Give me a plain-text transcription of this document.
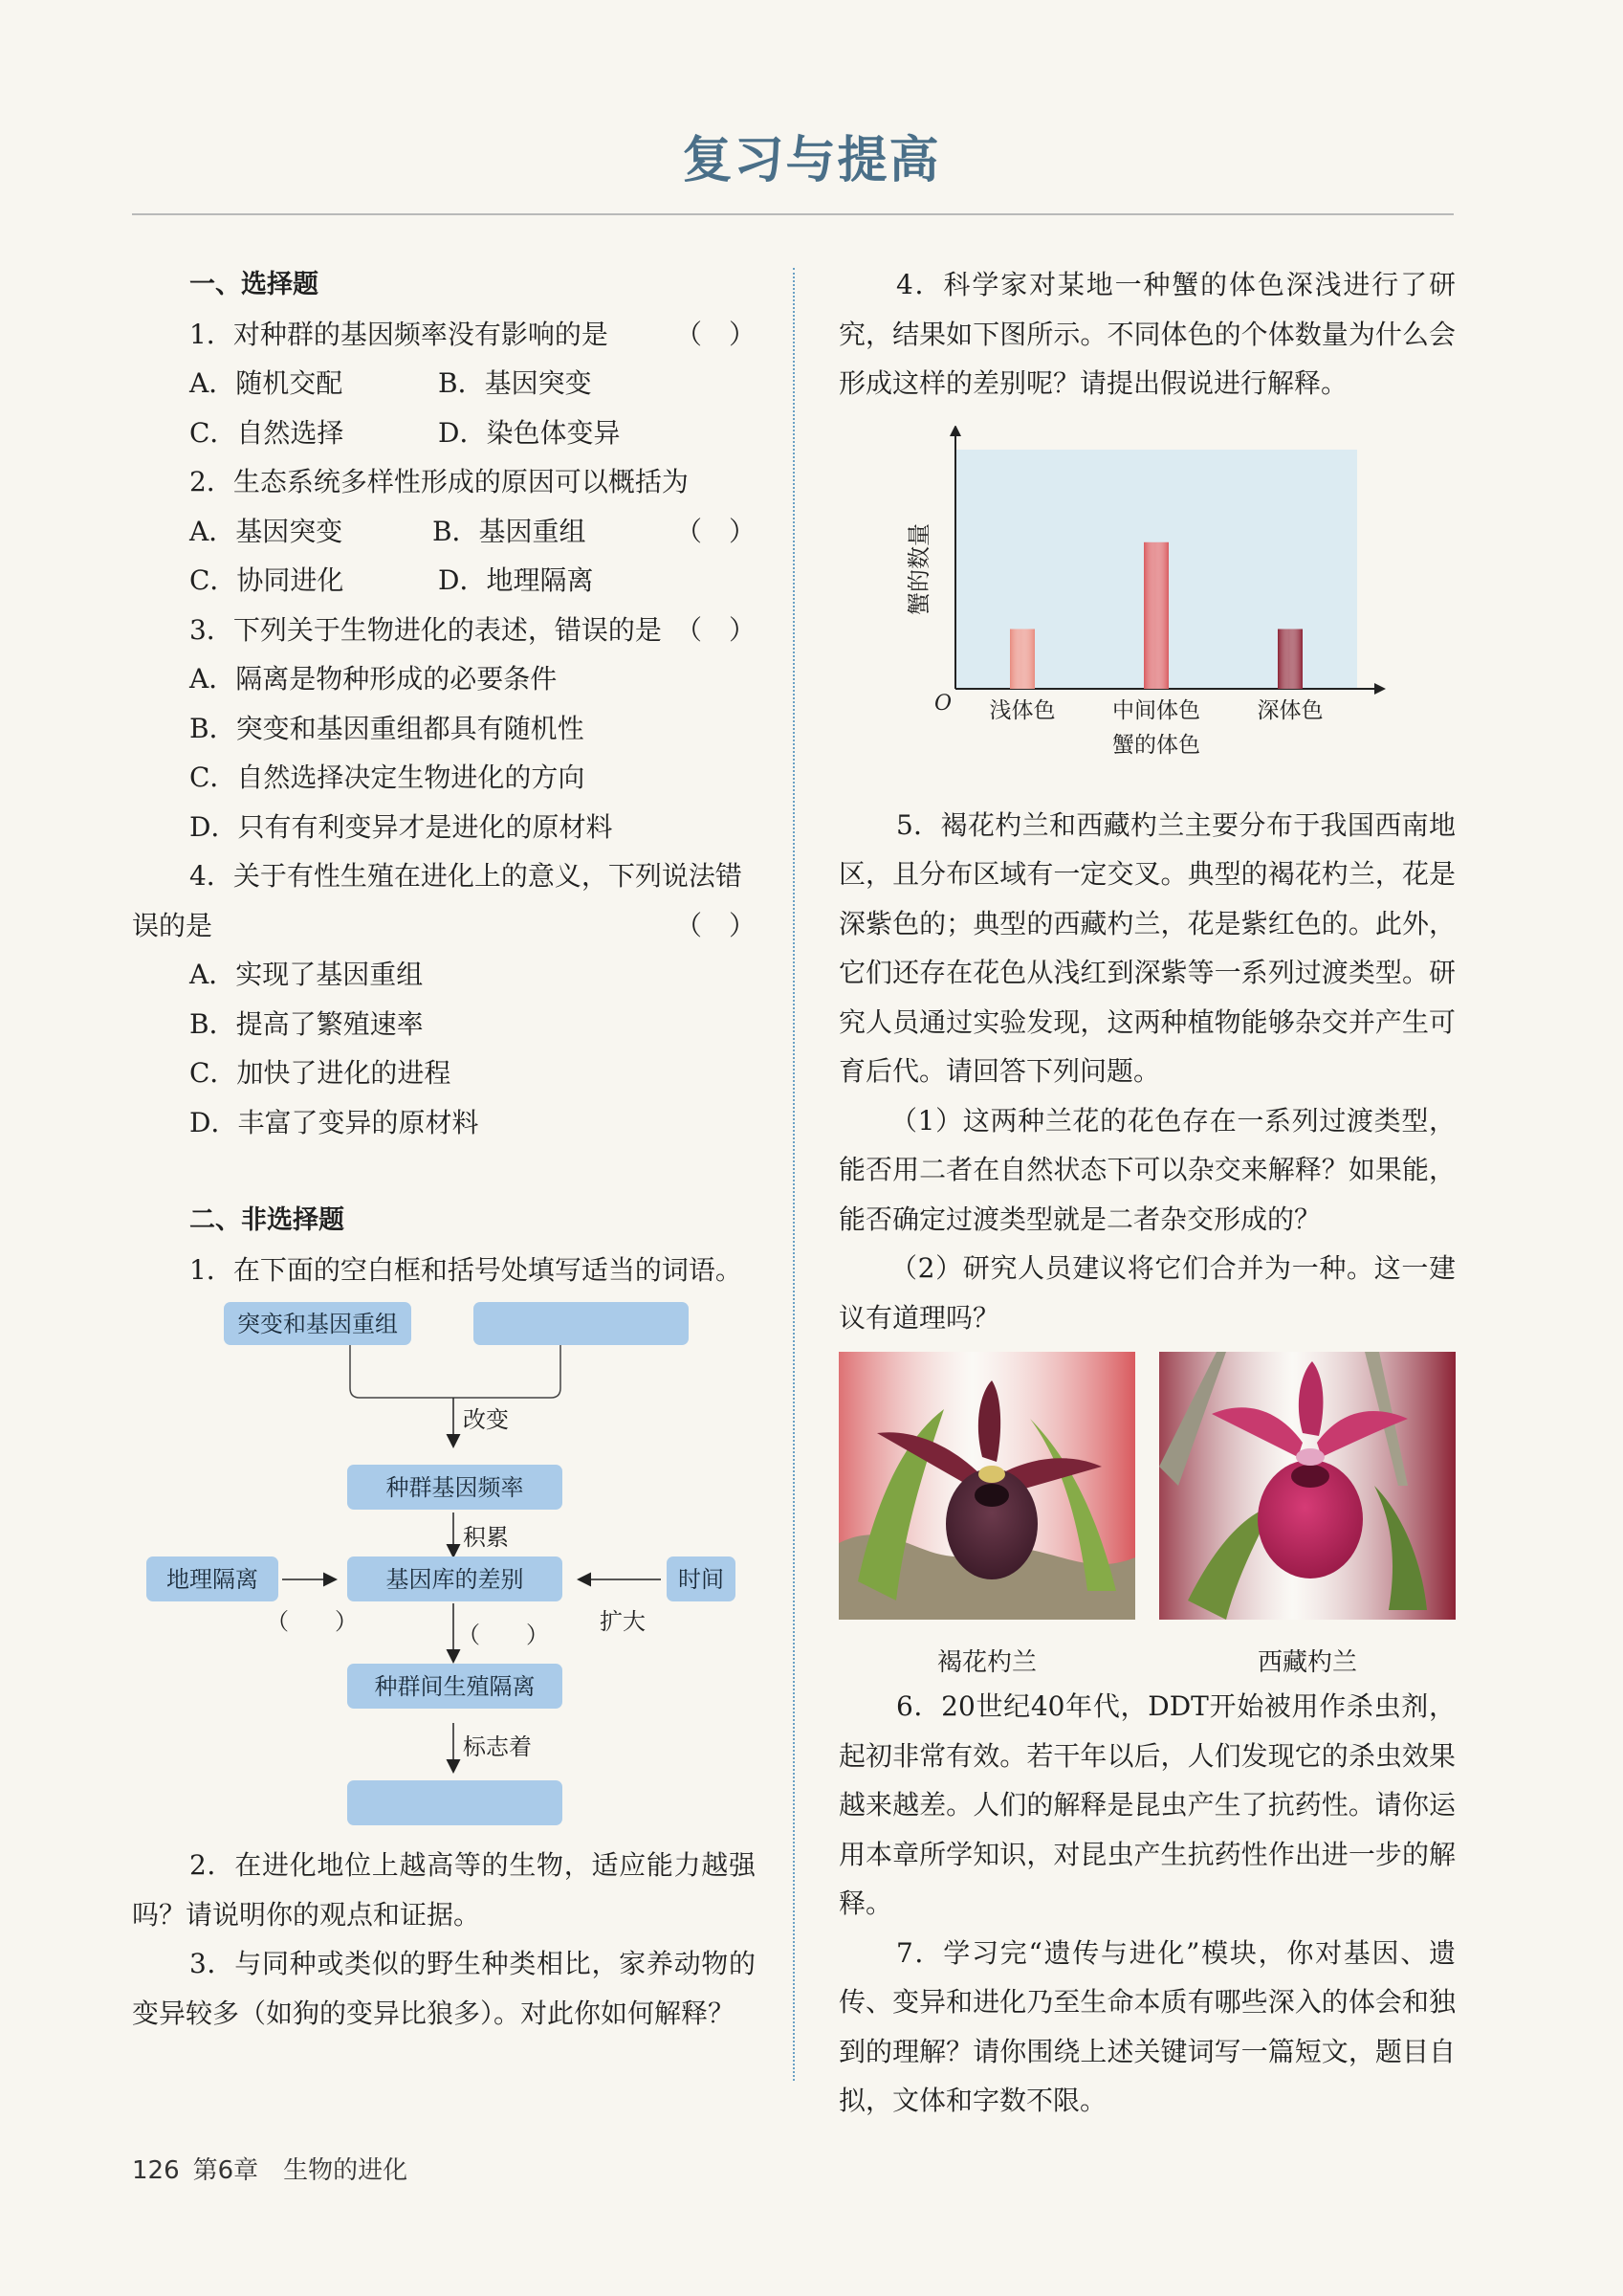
复习与提高

一、选择题

1．对种群的基因频率没有影响的是	（　）

A．随机交配	B．基因突变
C．自然选择	D．染色体变异

2．生态系统多样性形成的原因可以概括为
（　）

A．基因突变	B．基因重组
C．协同进化	D．地理隔离

3．下列关于生物进化的表述，错误的是 （　）

A．隔离是物种形成的必要条件

B．突变和基因重组都具有随机性

C．自然选择决定生物进化的方向

D．只有有利变异才是进化的原材料

4．关于有性生殖在进化上的意义，下列说法错误的是	（　）

A．实现了基因重组

B．提高了繁殖速率

C．加快了进化的进程

D．丰富了变异的原材料

二、非选择题

1．在下面的空白框和括号处填写适当的词语。

突变和基因重组
改变
种群基因频率
积累
地理隔离	基因库的差别	时间
（　　）	（　　） 扩大
种群间生殖隔离
标志着

2．在进化地位上越高等的生物，适应能力越强吗？请说明你的观点和证据。

3．与同种或类似的野生种类相比，家养动物的变异较多（如狗的变异比狼多）。对此你如何解释？

4．科学家对某地一种蟹的体色深浅进行了研究，结果如下图所示。不同体色的个体数量为什么会形成这样的差别呢？请提出假说进行解释。

O
蟹的数量
浅体色	中间体色	深体色
蟹的体色

5．褐花杓兰和西藏杓兰主要分布于我国西南地区，且分布区域有一定交叉。典型的褐花杓兰，花是深紫色的；典型的西藏杓兰，花是紫红色的。此外，它们还存在花色从浅红到深紫等一系列过渡类型。研究人员通过实验发现，这两种植物能够杂交并产生可育后代。请回答下列问题。

（1）这两种兰花的花色存在一系列过渡类型，能否用二者在自然状态下可以杂交来解释？如果能，能否确定过渡类型就是二者杂交形成的？

（2）研究人员建议将它们合并为一种。这一建议有道理吗？

褐花杓兰	西藏杓兰

6．20世纪40年代，DDT开始被用作杀虫剂，起初非常有效。若干年以后，人们发现它的杀虫效果越来越差。人们的解释是昆虫产生了抗药性。请你运用本章所学知识，对昆虫产生抗药性作出进一步的解释。

7．学习完“遗传与进化”模块，你对基因、遗传、变异和进化乃至生命本质有哪些深入的体会和独到的理解？请你围绕上述关键词写一篇短文，题目自拟，文体和字数不限。

126 第6章　生物的进化
